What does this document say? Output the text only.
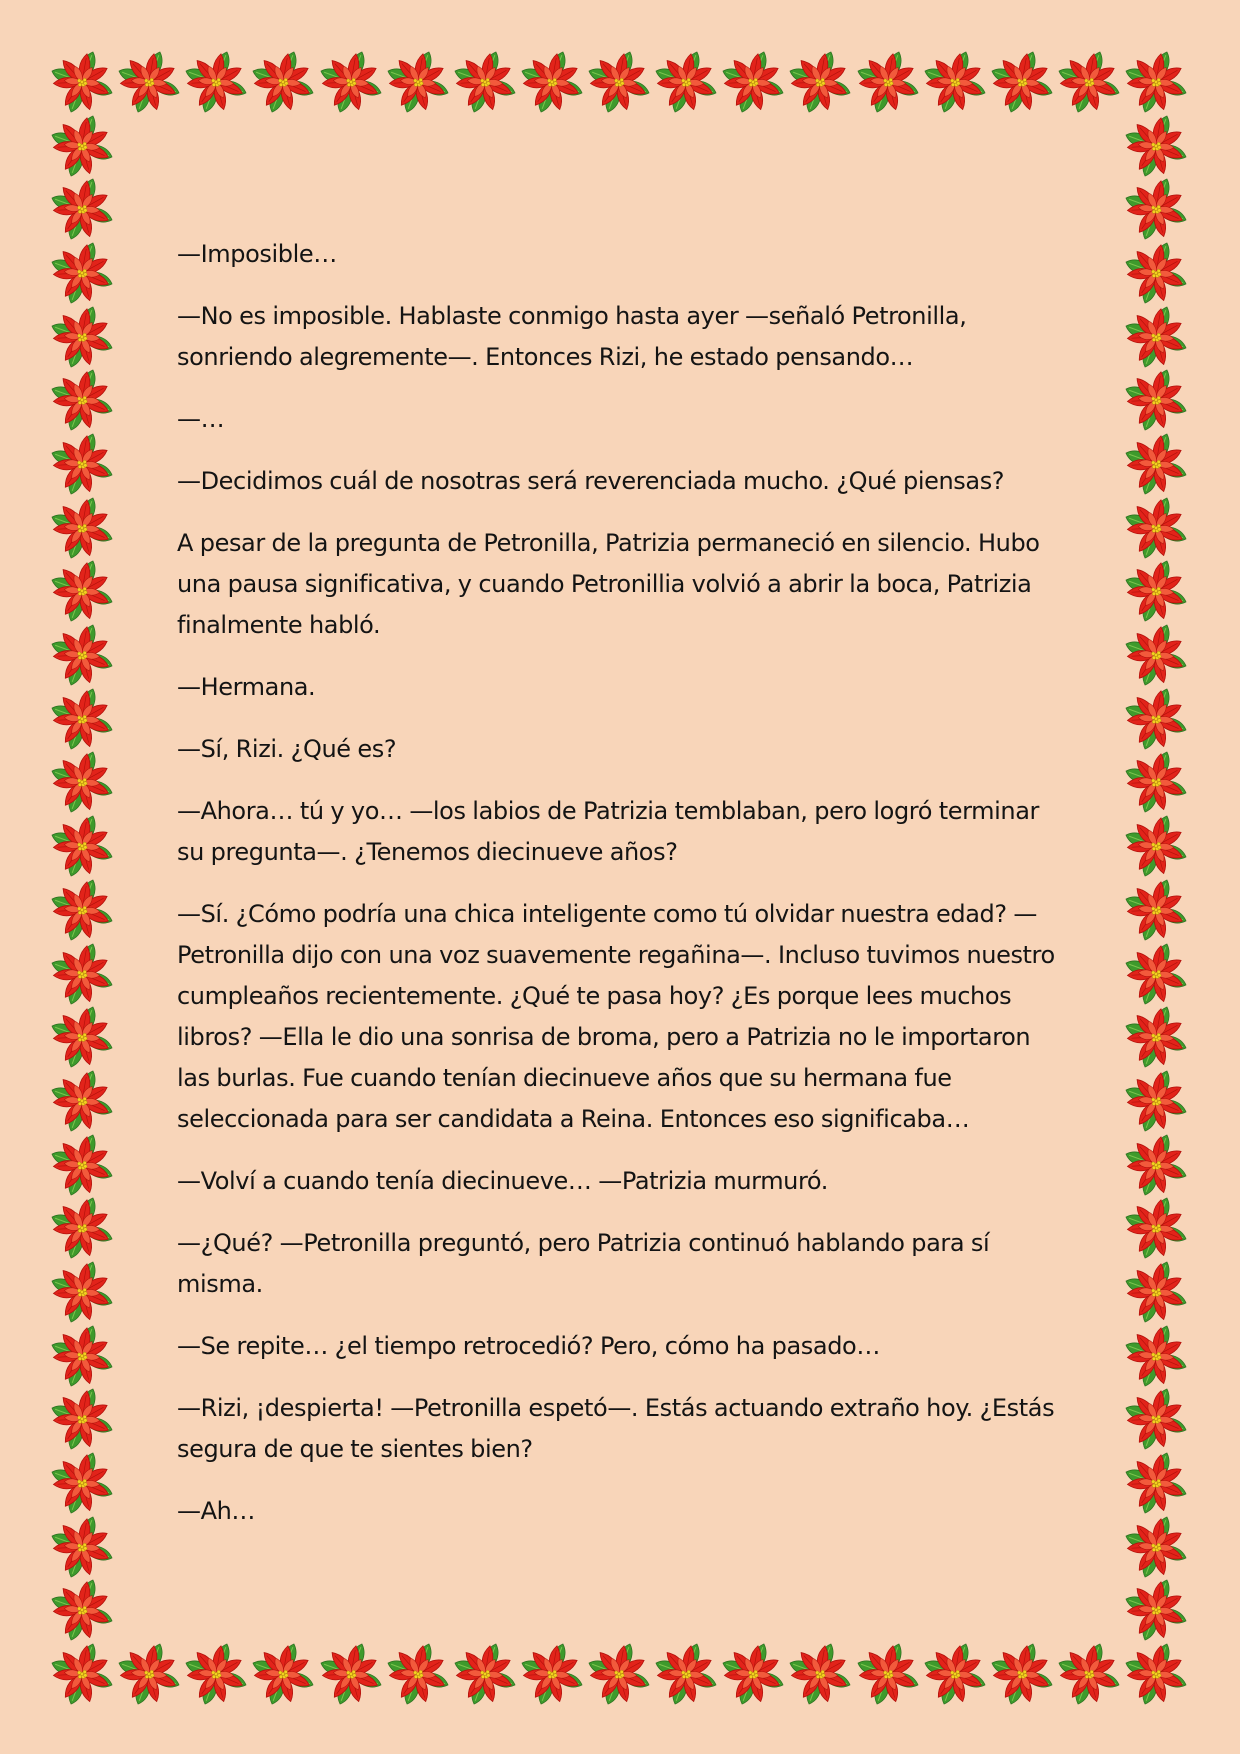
—Imposible…

—No es imposible. Hablaste conmigo hasta ayer —señaló Petronilla, sonriendo alegremente—. Entonces Rizi, he estado pensando…

—…

—Decidimos cuál de nosotras será reverenciada mucho. ¿Qué piensas?

A pesar de la pregunta de Petronilla, Patrizia permaneció en silencio. Hubo una pausa significativa, y cuando Petronillia volvió a abrir la boca, Patrizia finalmente habló.

—Hermana.

—Sí, Rizi. ¿Qué es?

—Ahora… tú y yo… —los labios de Patrizia temblaban, pero logró terminar su pregunta—. ¿Tenemos diecinueve años?

—Sí. ¿Cómo podría una chica inteligente como tú olvidar nuestra edad? —Petronilla dijo con una voz suavemente regañina—. Incluso tuvimos nuestro cumpleaños recientemente. ¿Qué te pasa hoy? ¿Es porque lees muchos libros? —Ella le dio una sonrisa de broma, pero a Patrizia no le importaron las burlas. Fue cuando tenían diecinueve años que su hermana fue seleccionada para ser candidata a Reina. Entonces eso significaba…

—Volví a cuando tenía diecinueve… —Patrizia murmuró.

—¿Qué? —Petronilla preguntó, pero Patrizia continuó hablando para sí misma.

—Se repite… ¿el tiempo retrocedió? Pero, cómo ha pasado…

—Rizi, ¡despierta! —Petronilla espetó—. Estás actuando extraño hoy. ¿Estás segura de que te sientes bien?

—Ah…
